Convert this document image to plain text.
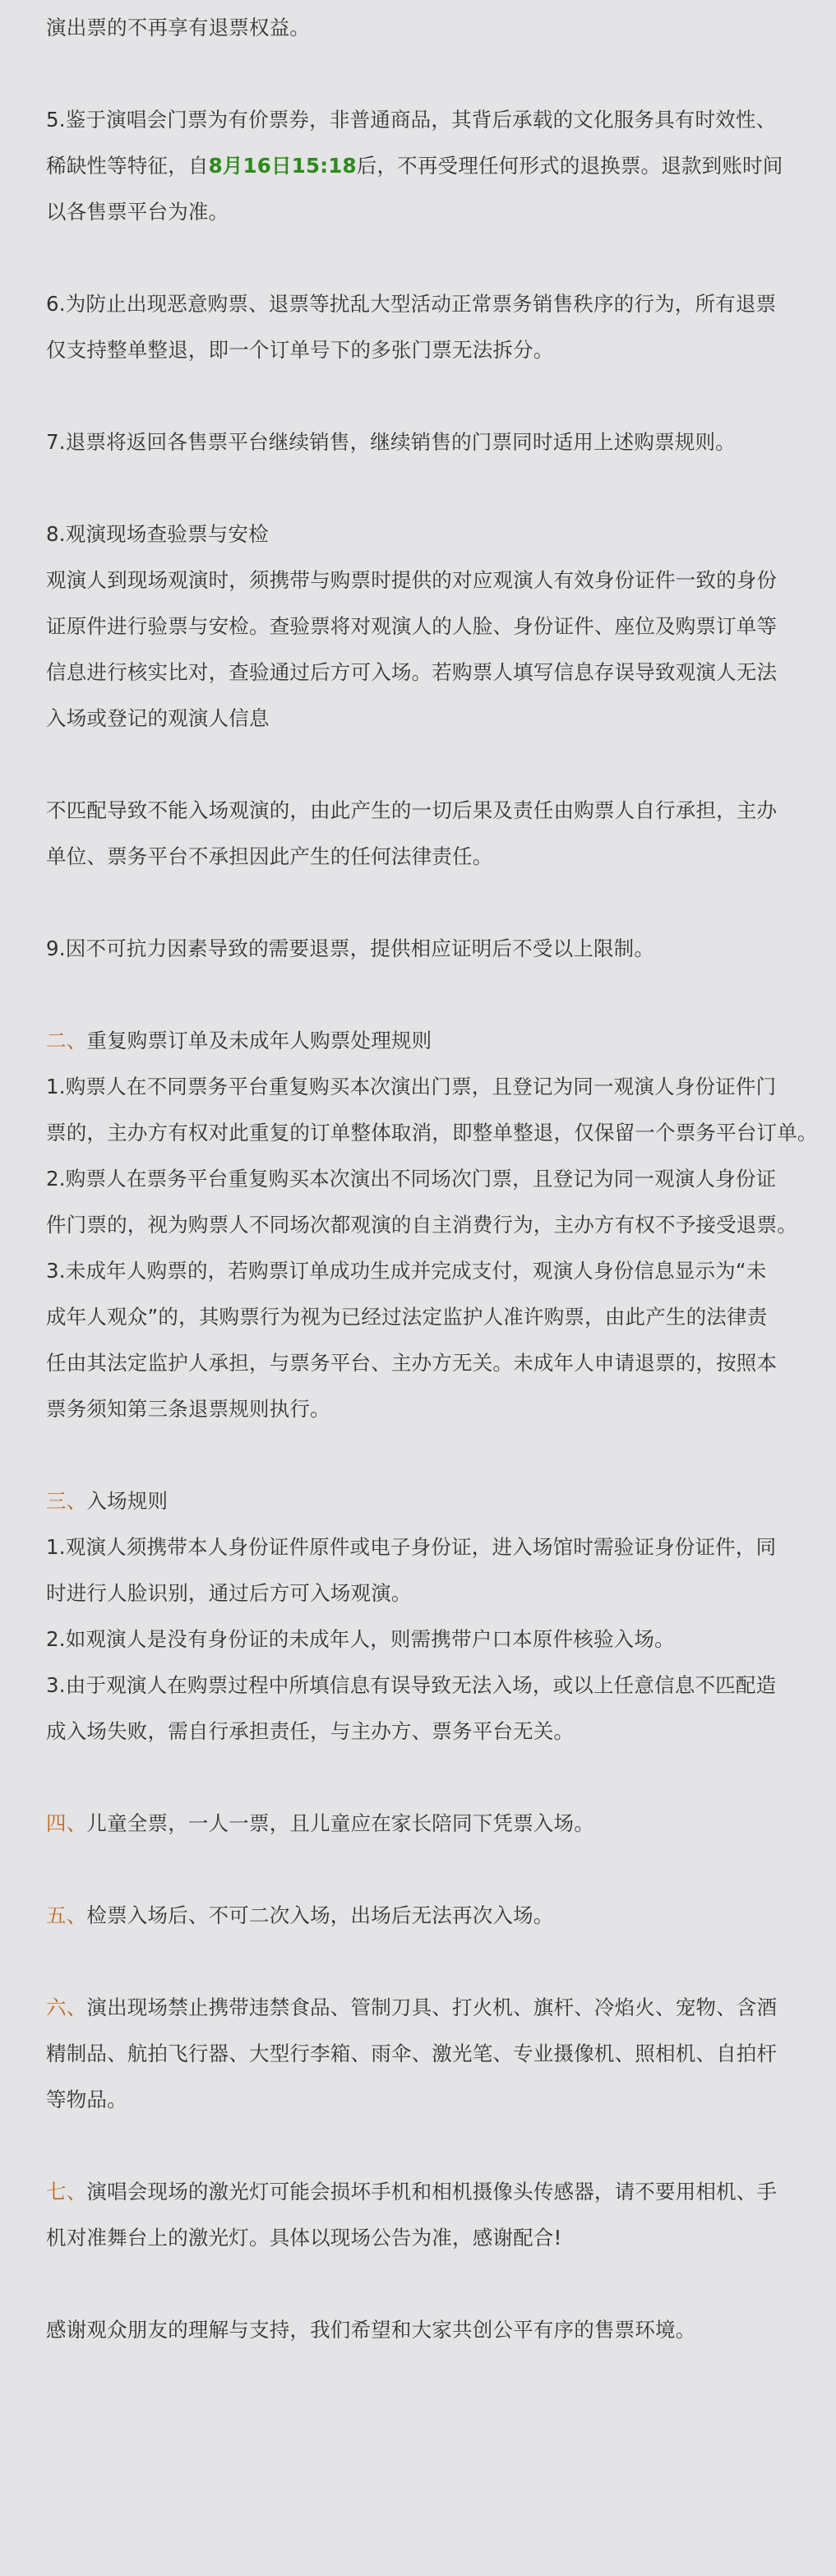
演出票的不再享有退票权益。
5.鉴于演唱会门票为有价票券，非普通商品，其背后承载的文化服务具有时效性、
稀缺性等特征，自8月16日15:18后，不再受理任何形式的退换票。退款到账时间
以各售票平台为准。
6.为防止出现恶意购票、退票等扰乱大型活动正常票务销售秩序的行为，所有退票
仅支持整单整退，即一个订单号下的多张门票无法拆分。
7.退票将返回各售票平台继续销售，继续销售的门票同时适用上述购票规则。
8.观演现场查验票与安检
观演人到现场观演时，须携带与购票时提供的对应观演人有效身份证件一致的身份
证原件进行验票与安检。查验票将对观演人的人脸、身份证件、座位及购票订单等
信息进行核实比对，查验通过后方可入场。若购票人填写信息存误导致观演人无法
入场或登记的观演人信息
不匹配导致不能入场观演的，由此产生的一切后果及责任由购票人自行承担，主办
单位、票务平台不承担因此产生的任何法律责任。
9.因不可抗力因素导致的需要退票，提供相应证明后不受以上限制。
二、重复购票订单及未成年人购票处理规则
1.购票人在不同票务平台重复购买本次演出门票，且登记为同一观演人身份证件门
票的，主办方有权对此重复的订单整体取消，即整单整退，仅保留一个票务平台订单。
2.购票人在票务平台重复购买本次演出不同场次门票，且登记为同一观演人身份证
件门票的，视为购票人不同场次都观演的自主消费行为，主办方有权不予接受退票。
3.未成年人购票的，若购票订单成功生成并完成支付，观演人身份信息显示为“未
成年人观众”的，其购票行为视为已经过法定监护人准许购票，由此产生的法律责
任由其法定监护人承担，与票务平台、主办方无关。未成年人申请退票的，按照本
票务须知第三条退票规则执行。
三、入场规则
1.观演人须携带本人身份证件原件或电子身份证，进入场馆时需验证身份证件，同
时进行人脸识别，通过后方可入场观演。
2.如观演人是没有身份证的未成年人，则需携带户口本原件核验入场。
3.由于观演人在购票过程中所填信息有误导致无法入场，或以上任意信息不匹配造
成入场失败，需自行承担责任，与主办方、票务平台无关。
四、儿童全票，一人一票，且儿童应在家长陪同下凭票入场。
五、检票入场后、不可二次入场，出场后无法再次入场。
六、演出现场禁止携带违禁食品、管制刀具、打火机、旗杆、冷焰火、宠物、含酒
精制品、航拍飞行器、大型行李箱、雨伞、激光笔、专业摄像机、照相机、自拍杆
等物品。
七、演唱会现场的激光灯可能会损坏手机和相机摄像头传感器，请不要用相机、手
机对准舞台上的激光灯。具体以现场公告为准，感谢配合!
感谢观众朋友的理解与支持，我们希望和大家共创公平有序的售票环境。
